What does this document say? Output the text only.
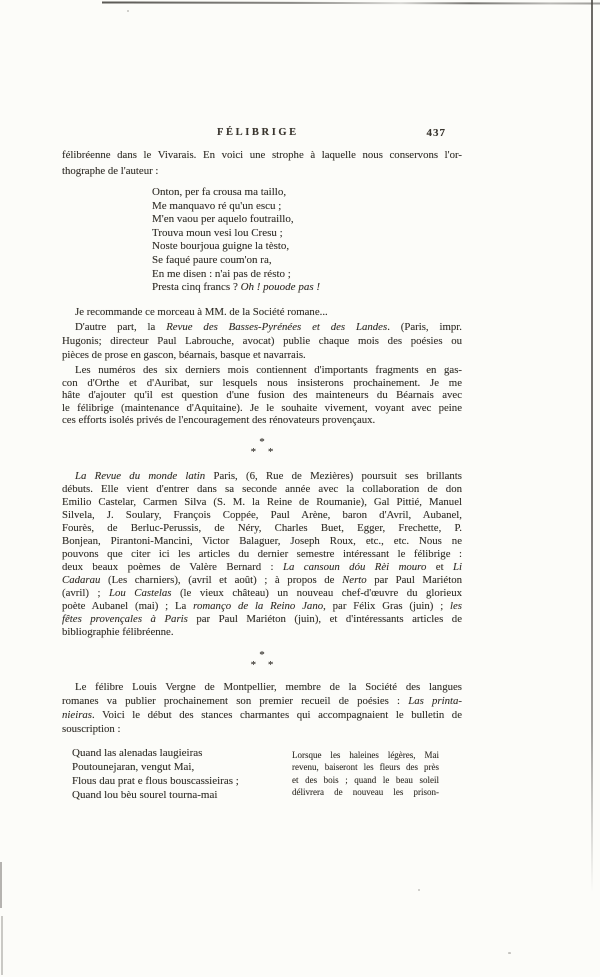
FÉLIBRIGE	437
félibréenne dans le Vivarais. En voici une strophe à laquelle nous conservons l'or-
thographe de l'auteur :
Onton, per fa crousa ma taillo,
Me manquavo ré qu'un escu ;
M'en vaou per aquelo foutraillo,
Trouva moun vesi lou Cresu ;
Noste bourjoua guigne la tèsto,
Se faqué paure coum'on ra,
En me disen : n'ai pas de résto ;
Presta cinq francs ? Oh ! pouode pas !
Je recommande ce morceau à MM. de la Société romane...
D'autre part, la Revue des Basses-Pyrénées et des Landes. (Paris, impr.
Hugonis; directeur Paul Labrouche, avocat) publie chaque mois des poésies ou
pièces de prose en gascon, béarnais, basque et navarrais.
Les numéros des six derniers mois contiennent d'importants fragments en gas-
con d'Orthe et d'Auribat, sur lesquels nous insisterons prochainement. Je me
hâte d'ajouter qu'il est question d'une fusion des mainteneurs du Béarnais avec
le félibrige (maintenance d'Aquitaine). Je le souhaite vivement, voyant avec peine
ces efforts isolés privés de l'encouragement des rénovateurs provençaux.
*
* *
La Revue du monde latin Paris, (6, Rue de Mezières) poursuit ses brillants
débuts. Elle vient d'entrer dans sa seconde année avec la collaboration de don
Emilio Castelar, Carmen Silva (S. M. la Reine de Roumanie), Gal Pittié, Manuel
Silvela, J. Soulary, François Coppée, Paul Arène, baron d'Avril, Aubanel,
Fourès, de Berluc-Perussis, de Néry, Charles Buet, Egger, Frechette, P.
Bonjean, Pirantoni-Mancini, Victor Balaguer, Joseph Roux, etc., etc. Nous ne
pouvons que citer ici les articles du dernier semestre intéressant le félibrige :
deux beaux poèmes de Valère Bernard : La cansoun dóu Rèi mouro et Li
Cadarau (Les charniers), (avril et août) ; à propos de Nerto par Paul Mariéton
(avril) ; Lou Castelas (le vieux château) un nouveau chef-d'œuvre du glorieux
poète Aubanel (mai) ; La romanço de la Reino Jano, par Félix Gras (juin) ; les
fêtes provençales à Paris par Paul Mariéton (juin), et d'intéressants articles de
bibliographie félibréenne.
*
* *
Le félibre Louis Vergne de Montpellier, membre de la Société des langues
romanes va publier prochainement son premier recueil de poésies : Las printa-
nieiras. Voici le début des stances charmantes qui accompagnaient le bulletin de
souscription :
Quand las alenadas laugieiras
Poutounejaran, vengut Mai,
Flous dau prat e flous bouscassieiras ;
Quand lou bèu sourel tourna-mai
Lorsque les haleines légères, Mai
revenu, baiseront les fleurs des près
et des bois ; quand le beau soleil
délivrera de nouveau les prison-
